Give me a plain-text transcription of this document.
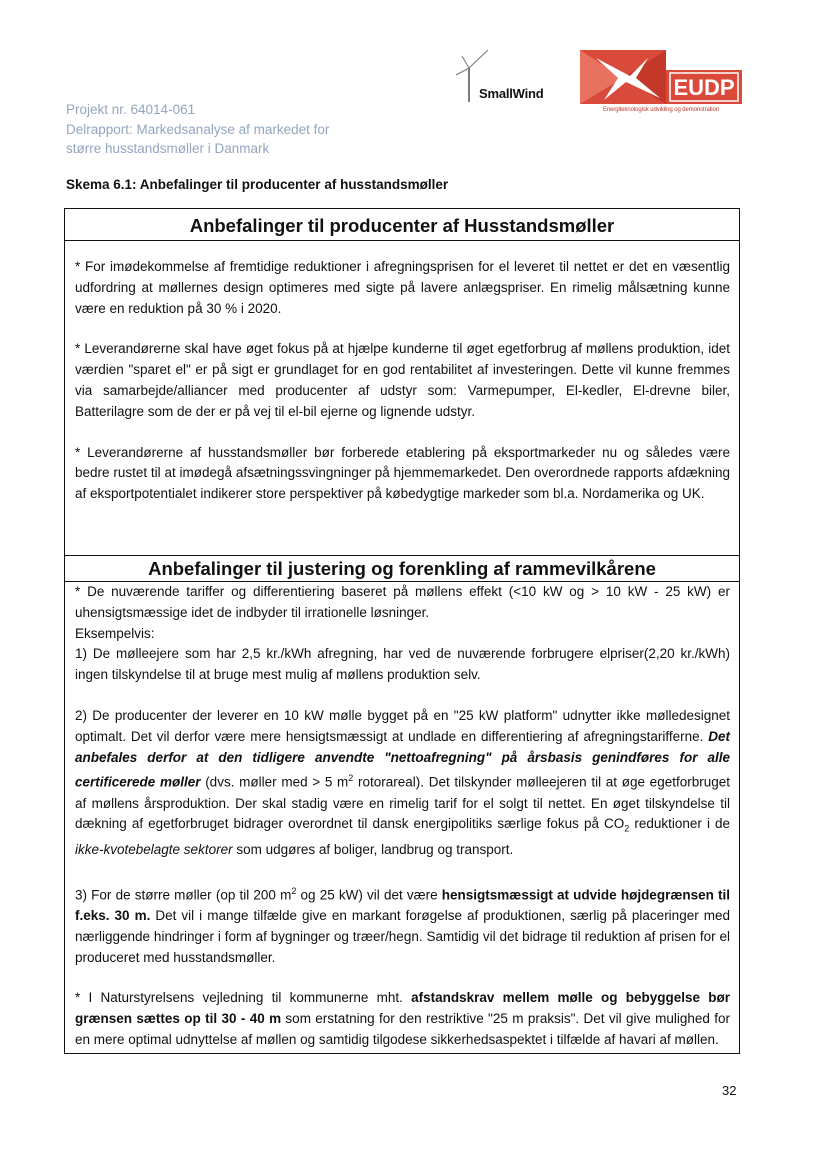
Projekt nr. 64014-061
Delrapport: Markedsanalyse af markedet for
større husstandsmøller i Danmark
SmallWind	EUDP
Energiteknologisk udvikling og demonstration
Skema 6.1: Anbefalinger til producenter af husstandsmøller
Anbefalinger til producenter af Husstandsmøller

* For imødekommelse af fremtidige reduktioner i afregningsprisen for el leveret til nettet er det en væsentlig udfordring at møllernes design optimeres med sigte på lavere anlægspriser. En rimelig målsætning kunne være en reduktion på 30 % i 2020.

* Leverandørerne skal have øget fokus på at hjælpe kunderne til øget egetforbrug af møllens produktion, idet værdien "sparet el" er på sigt er grundlaget for en god rentabilitet af investeringen. Dette vil kunne fremmes via samarbejde/alliancer med producenter af udstyr som: Varmepumper, El-kedler, El-drevne biler, Batterilagre som de der er på vej til el-bil ejerne og lignende udstyr.

* Leverandørerne af husstandsmøller bør forberede etablering på eksportmarkeder nu og således være bedre rustet til at imødegå afsætningssvingninger på hjemmemarkedet. Den overordnede rapports afdækning af eksportpotentialet indikerer store perspektiver på købedygtige markeder som bl.a. Nordamerika og UK.

Anbefalinger til justering og forenkling af rammevilkårene

* De nuværende tariffer og differentiering baseret på møllens effekt (<10 kW og > 10 kW - 25 kW) er uhensigtsmæssige idet de indbyder til irrationelle løsninger.

Eksempelvis:

1) De mølleejere som har 2,5 kr./kWh afregning, har ved de nuværende forbrugere elpriser(2,20 kr./kWh) ingen tilskyndelse til at bruge mest mulig af møllens produktion selv.

2) De producenter der leverer en 10 kW mølle bygget på en "25 kW platform" udnytter ikke mølledesignet optimalt. Det vil derfor være mere hensigtsmæssigt at undlade en differentiering af afregningstarifferne. Det anbefales derfor at den tidligere anvendte "nettoafregning" på årsbasis genindføres for alle certificerede møller (dvs. møller med > 5 $m^2$ rotorareal). Det tilskynder mølleejeren til at øge egetforbruget af møllens årsproduktion. Der skal stadig være en rimelig tarif for el solgt til nettet. En øget tilskyndelse til dækning af egetforbruget bidrager overordnet til dansk energipolitiks særlige fokus på $CO_2$ reduktioner i de ikke-kvotebelagte sektorer som udgøres af boliger, landbrug og transport.

3) For de større møller (op til 200 $m^2$ og 25 kW) vil det være hensigtsmæssigt at udvide højdegrænsen til f.eks. 30 m. Det vil i mange tilfælde give en markant forøgelse af produktionen, særlig på placeringer med nærliggende hindringer i form af bygninger og træer/hegn. Samtidig vil det bidrage til reduktion af prisen for el produceret med husstandsmøller.

* I Naturstyrelsens vejledning til kommunerne mht. afstandskrav mellem mølle og bebyggelse bør grænsen sættes op til 30 - 40 m som erstatning for den restriktive "25 m praksis". Det vil give mulighed for en mere optimal udnyttelse af møllen og samtidig tilgodese sikkerhedsaspektet i tilfælde af havari af møllen.

32
